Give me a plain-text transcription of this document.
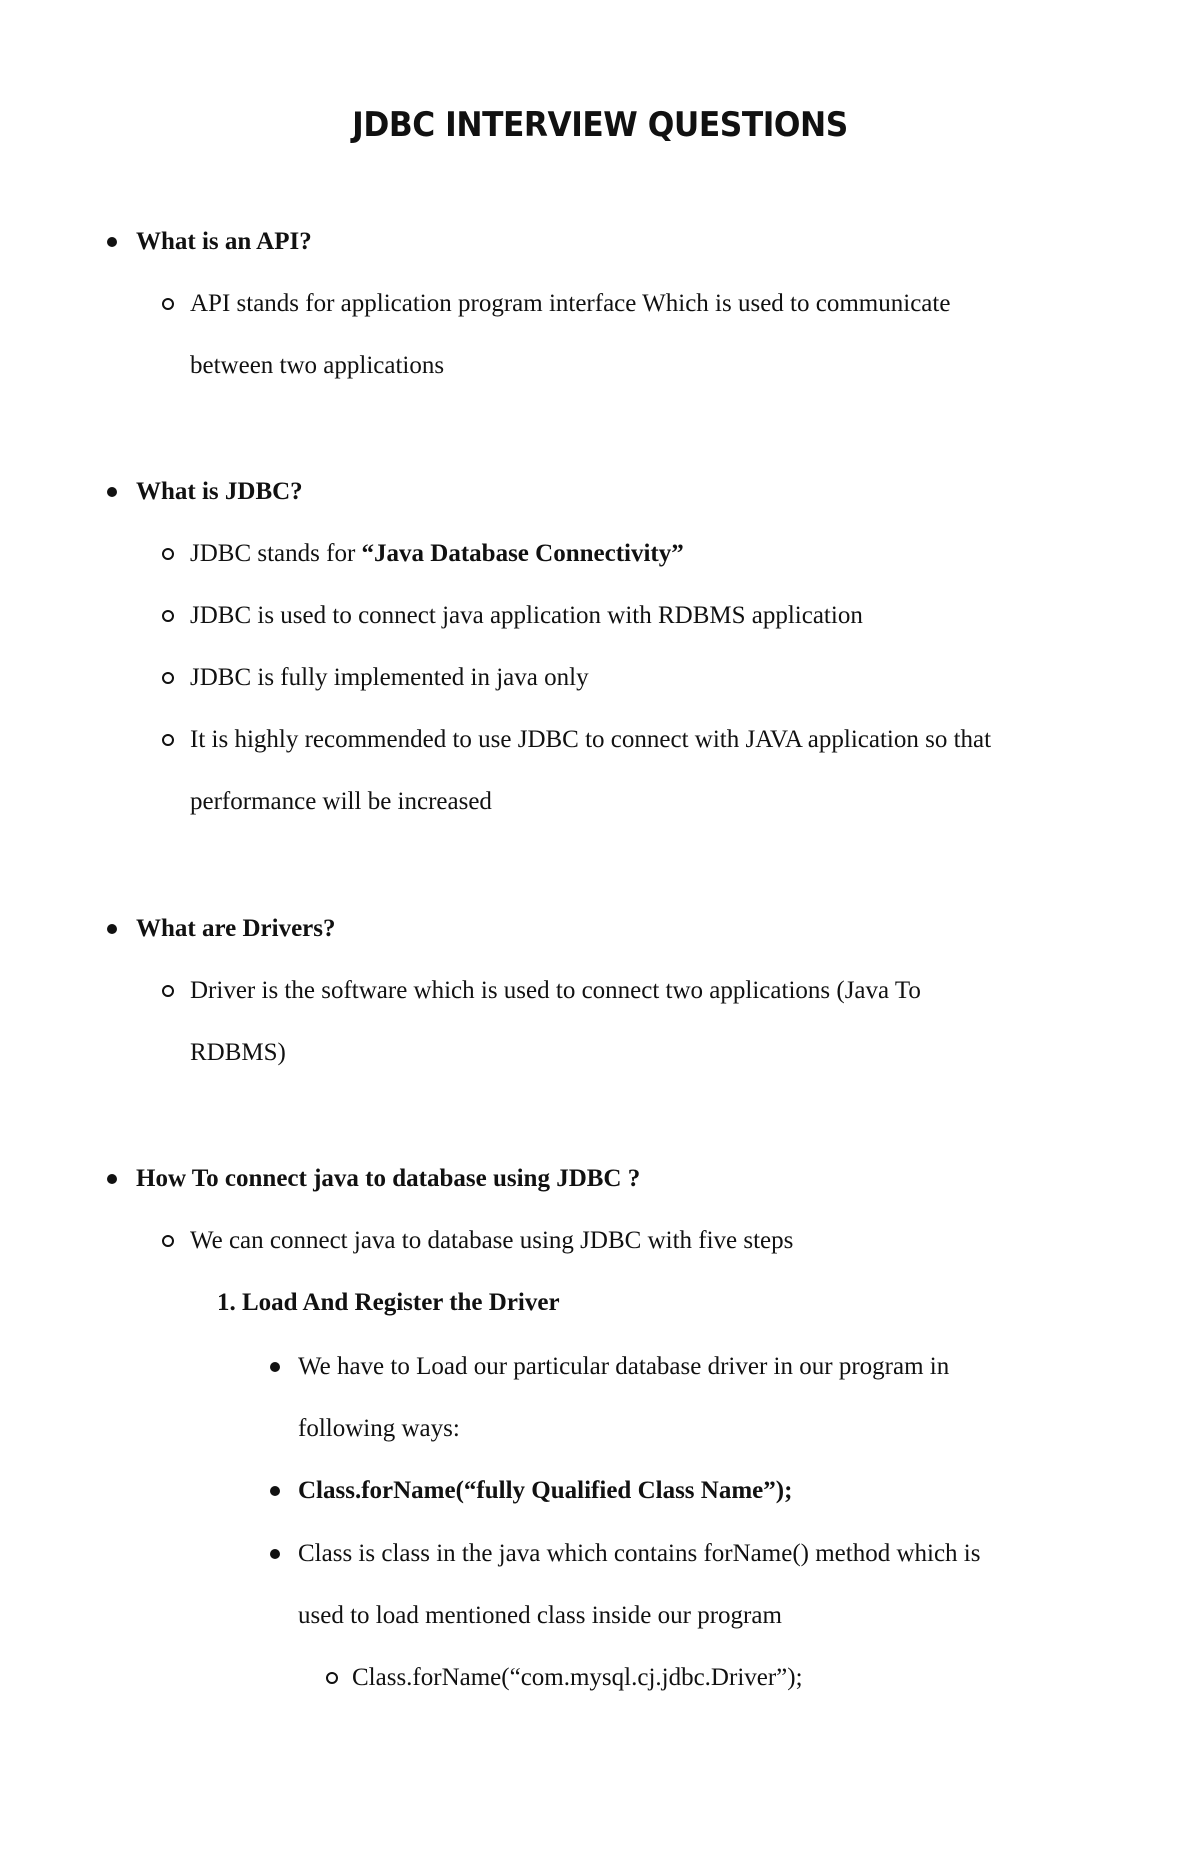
JDBC INTERVIEW QUESTIONS
What is an API?
API stands for application program interface Which is used to communicate
between two applications
What is JDBC?
JDBC stands for “Java Database Connectivity”
JDBC is used to connect java application with RDBMS application
JDBC is fully implemented in java only
It is highly recommended to use JDBC to connect with JAVA application so that
performance will be increased
What are Drivers?
Driver is the software which is used to connect two applications (Java To
RDBMS)
How To connect java to database using JDBC ?
We can connect java to database using JDBC with five steps
1. Load And Register the Driver
We have to Load our particular database driver in our program in
following ways:
Class.forName(“fully Qualified Class Name”);
Class is class in the java which contains forName() method which is
used to load mentioned class inside our program
Class.forName(“com.mysql.cj.jdbc.Driver”);
